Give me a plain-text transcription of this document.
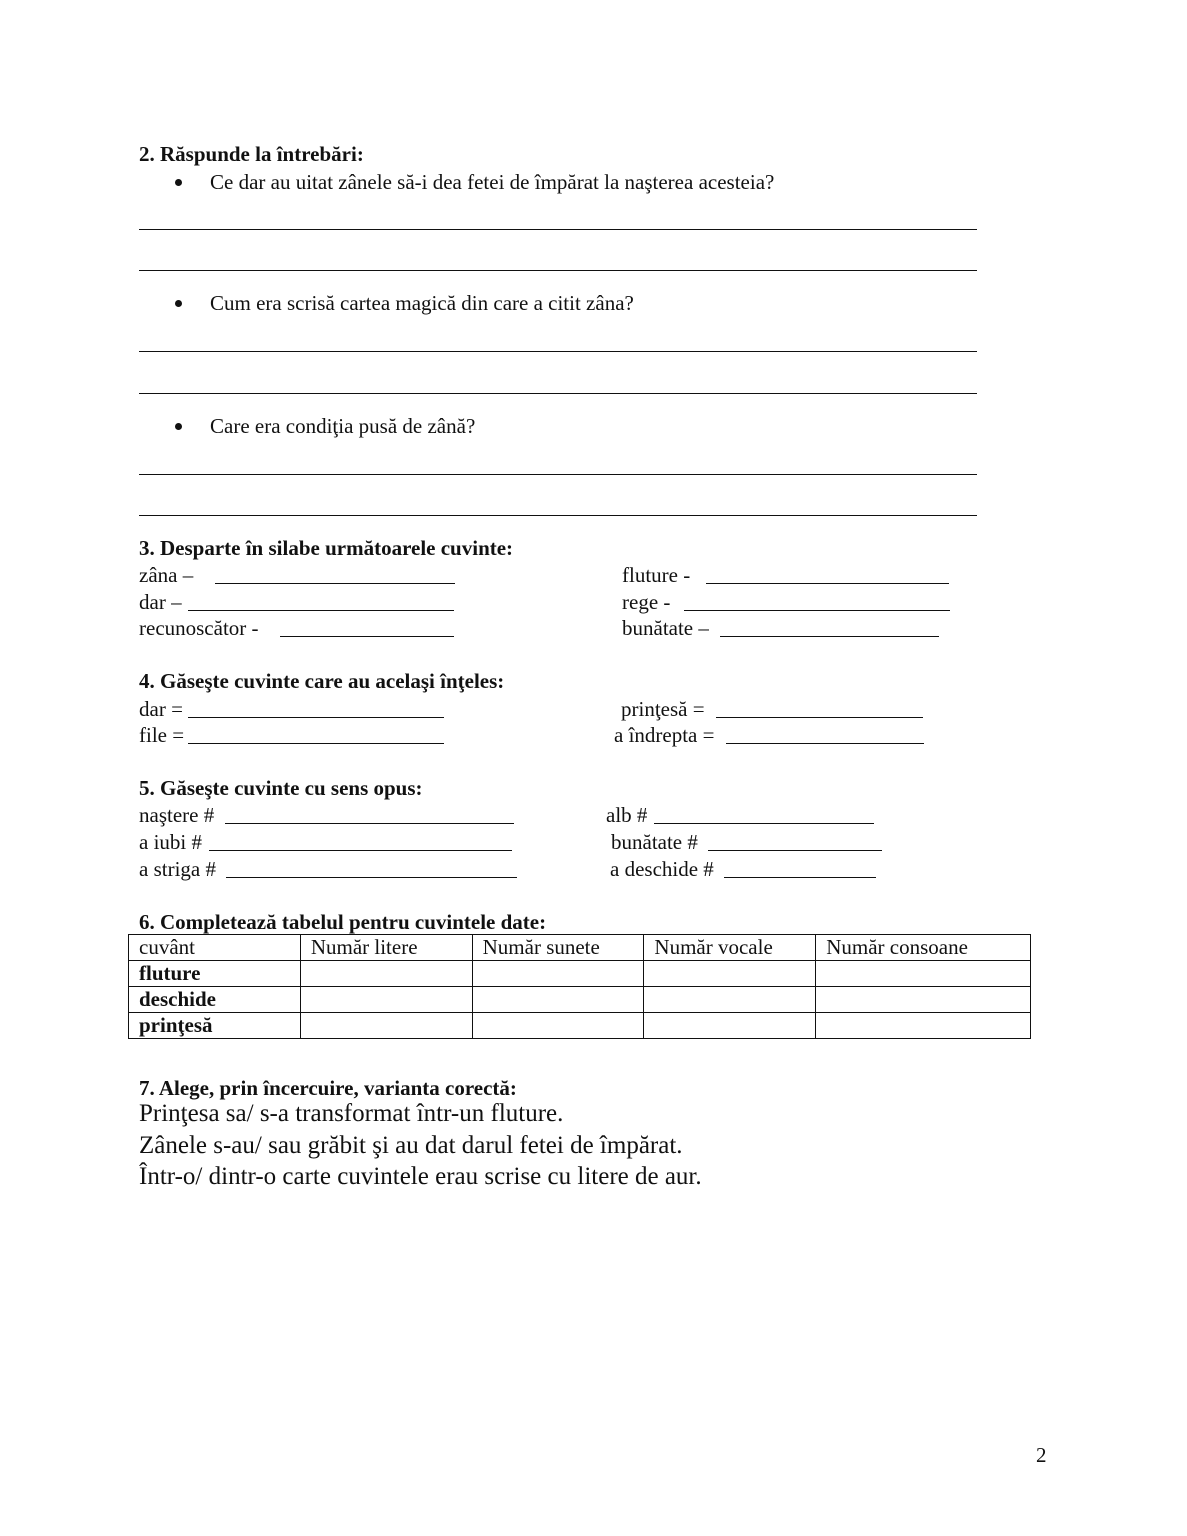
2. Răspunde la întrebări:
Ce dar au uitat zânele să-i dea fetei de împărat la naşterea acesteia?
Cum era scrisă cartea magică din care a citit zâna?
Care era condiţia pusă de zână?
3. Desparte în silabe următoarele cuvinte:
zâna –
dar –
recunoscător -
fluture -
rege -
bunătate –
4. Găseşte cuvinte care au acelaşi înţeles:
dar =
file =
prinţesă =
a îndrepta =
5. Găseşte cuvinte cu sens opus:
naştere #
a iubi #
a striga #
alb #
bunătate #
a deschide #
6. Completează tabelul pentru cuvintele date:
cuvânt	Număr litere	Număr sunete	Număr vocale	Număr consoane
fluture				
deschide				
prinţesă				
7. Alege, prin încercuire, varianta corectă:
Prinţesa sa/ s-a transformat într-un fluture.
Zânele s-au/ sau grăbit şi au dat darul fetei de împărat.
Într-o/ dintr-o carte cuvintele erau scrise cu litere de aur.
2
